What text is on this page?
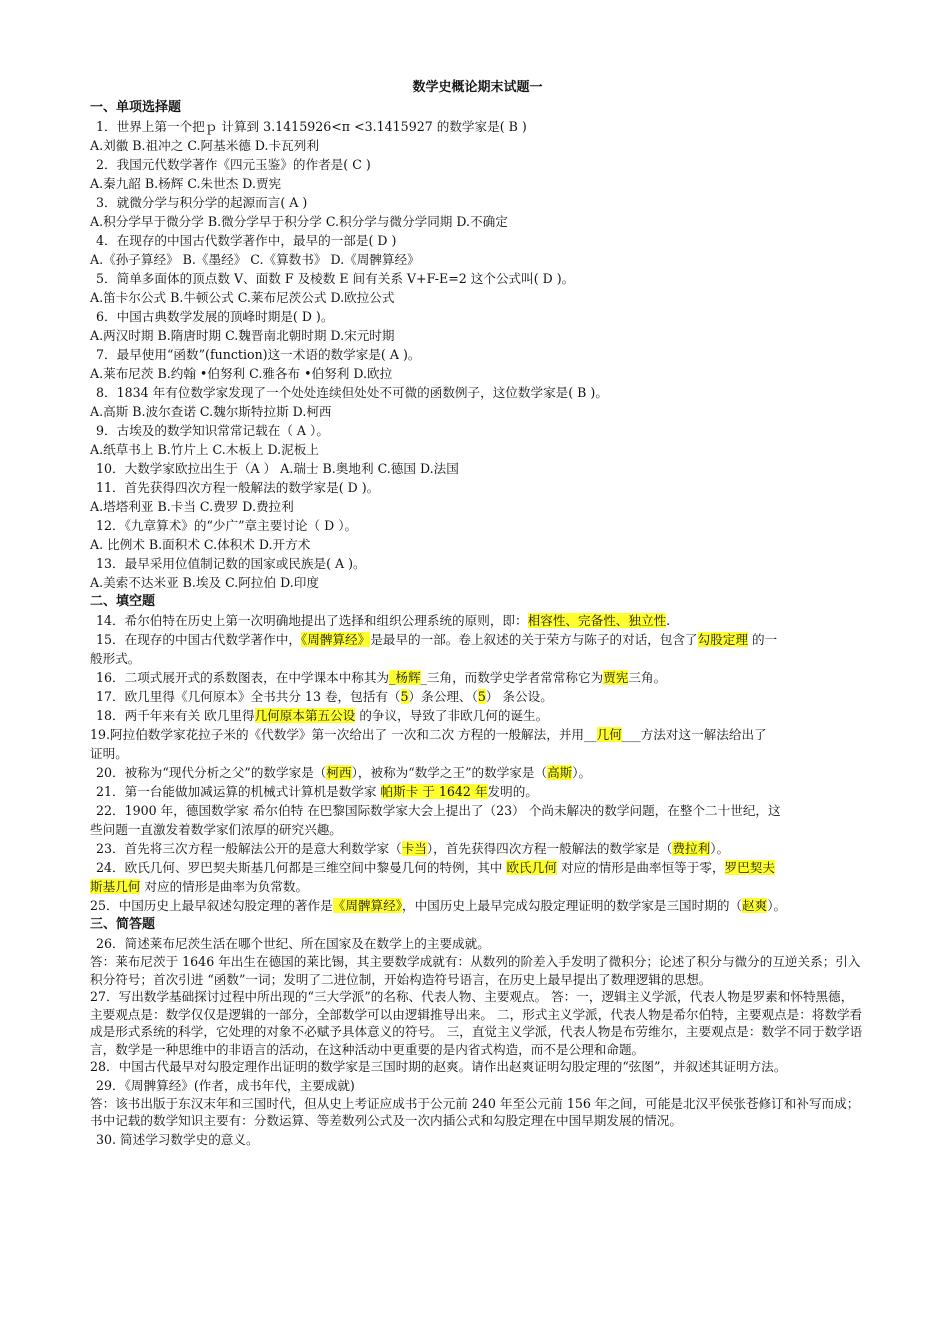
数学史概论期末试题一
一、单项选择题
1．世界上第一个把ｐ 计算到 3.1415926<π <3.1415927 的数学家是( B )
A.刘徽 B.祖冲之 C.阿基米德 D.卡瓦列利
2．我国元代数学著作《四元玉鉴》的作者是( C )
A.秦九韶 B.杨辉 C.朱世杰 D.贾宪
3．就微分学与积分学的起源而言( A )
A.积分学早于微分学 B.微分学早于积分学 C.积分学与微分学同期 D.不确定
4．在现存的中国古代数学著作中，最早的一部是( D )
A.《孙子算经》 B.《墨经》 C.《算数书》 D.《周髀算经》
5．简单多面体的顶点数 V、面数 F 及棱数 E 间有关系 V+F-E=2 这个公式叫( D )。
A.笛卡尔公式 B.牛顿公式 C.莱布尼茨公式 D.欧拉公式
6．中国古典数学发展的顶峰时期是( D )。
A.两汉时期 B.隋唐时期 C.魏晋南北朝时期 D.宋元时期
7．最早使用“函数”(function)这一术语的数学家是( A )。
A.莱布尼茨 B.约翰 •伯努利 C.雅各布 •伯努利 D.欧拉
8．1834 年有位数学家发现了一个处处连续但处处不可微的函数例子，这位数学家是( B )。
A.高斯 B.波尔查诺 C.魏尔斯特拉斯 D.柯西
9．古埃及的数学知识常常记载在（ A ）。
A.纸草书上 B.竹片上 C.木板上 D.泥板上
10．大数学家欧拉出生于（A ） A.瑞士 B.奥地利 C.德国 D.法国
11．首先获得四次方程一般解法的数学家是( D )。
A.塔塔利亚 B.卡当 C.费罗 D.费拉利
12．《九章算术》的“少广”章主要讨论（ D ）。
A. 比例术 B.面积术 C.体积术 D.开方术
13．最早采用位值制记数的国家或民族是( A )。
A.美索不达米亚 B.埃及 C.阿拉伯 D.印度
二、填空题
14．希尔伯特在历史上第一次明确地提出了选择和组织公理系统的原则，即：相容性、完备性、独立性.
15．在现存的中国古代数学著作中，《周髀算经》是最早的一部。卷上叙述的关于荣方与陈子的对话，包含了勾股定理 的一
般形式。
16．二项式展开式的系数图表，在中学课本中称其为_杨辉_三角，而数学史学者常常称它为贾宪三角。
17．欧几里得《几何原本》全书共分 13 卷，包括有（5）条公理、（5） 条公设。
18．两千年来有关 欧几里得几何原本第五公设 的争议，导致了非欧几何的诞生。
19.阿拉伯数学家花拉子米的《代数学》第一次给出了 一次和二次 方程的一般解法，并用__几何___方法对这一解法给出了
证明。
20．被称为“现代分析之父”的数学家是（柯西），被称为“数学之王”的数学家是（高斯）。
21．第一台能做加减运算的机械式计算机是数学家 帕斯卡 于 1642 年发明的。
22．1900 年，德国数学家 希尔伯特 在巴黎国际数学家大会上提出了（23） 个尚未解决的数学问题，在整个二十世纪，这
些问题一直激发着数学家们浓厚的研究兴趣。
23．首先将三次方程一般解法公开的是意大利数学家（卡当），首先获得四次方程一般解法的数学家是（费拉利）。
24．欧氏几何、罗巴契夫斯基几何都是三维空间中黎曼几何的特例，其中 欧氏几何 对应的情形是曲率恒等于零，罗巴契夫
斯基几何 对应的情形是曲率为负常数。
25．中国历史上最早叙述勾股定理的著作是《周髀算经》，中国历史上最早完成勾股定理证明的数学家是三国时期的（赵爽）。
三、简答题
26．简述莱布尼茨生活在哪个世纪、所在国家及在数学上的主要成就。
答：莱布尼茨于 1646 年出生在德国的莱比锡，其主要数学成就有：从数列的阶差入手发明了微积分；论述了积分与微分的互逆关系；引入积分符号；首次引进 “函数”一词；发明了二进位制，开始构造符号语言，在历史上最早提出了数理逻辑的思想。
27．写出数学基础探讨过程中所出现的“三大学派”的名称、代表人物、主要观点。 答：一，逻辑主义学派，代表人物是罗素和怀特黑德，主要观点是：数学仅仅是逻辑的一部分，全部数学可以由逻辑推导出来。 二，形式主义学派，代表人物是希尔伯特，主要观点是：将数学看成是形式系统的科学，它处理的对象不必赋予具体意义的符号。 三，直觉主义学派，代表人物是布劳维尔，主要观点是：数学不同于数学语言，数学是一种思维中的非语言的活动，在这种活动中更重要的是内省式构造，而不是公理和命题。
28．中国古代最早对勾股定理作出证明的数学家是三国时期的赵爽。请作出赵爽证明勾股定理的“弦图”，并叙述其证明方法。
29．《周髀算经》(作者，成书年代，主要成就)
答：该书出版于东汉末年和三国时代，但从史上考证应成书于公元前 240 年至公元前 156 年之间，可能是北汉平侯张苍修订和补写而成；书中记载的数学知识主要有：分数运算、等差数列公式及一次内插公式和勾股定理在中国早期发展的情况。
30. 简述学习数学史的意义。
